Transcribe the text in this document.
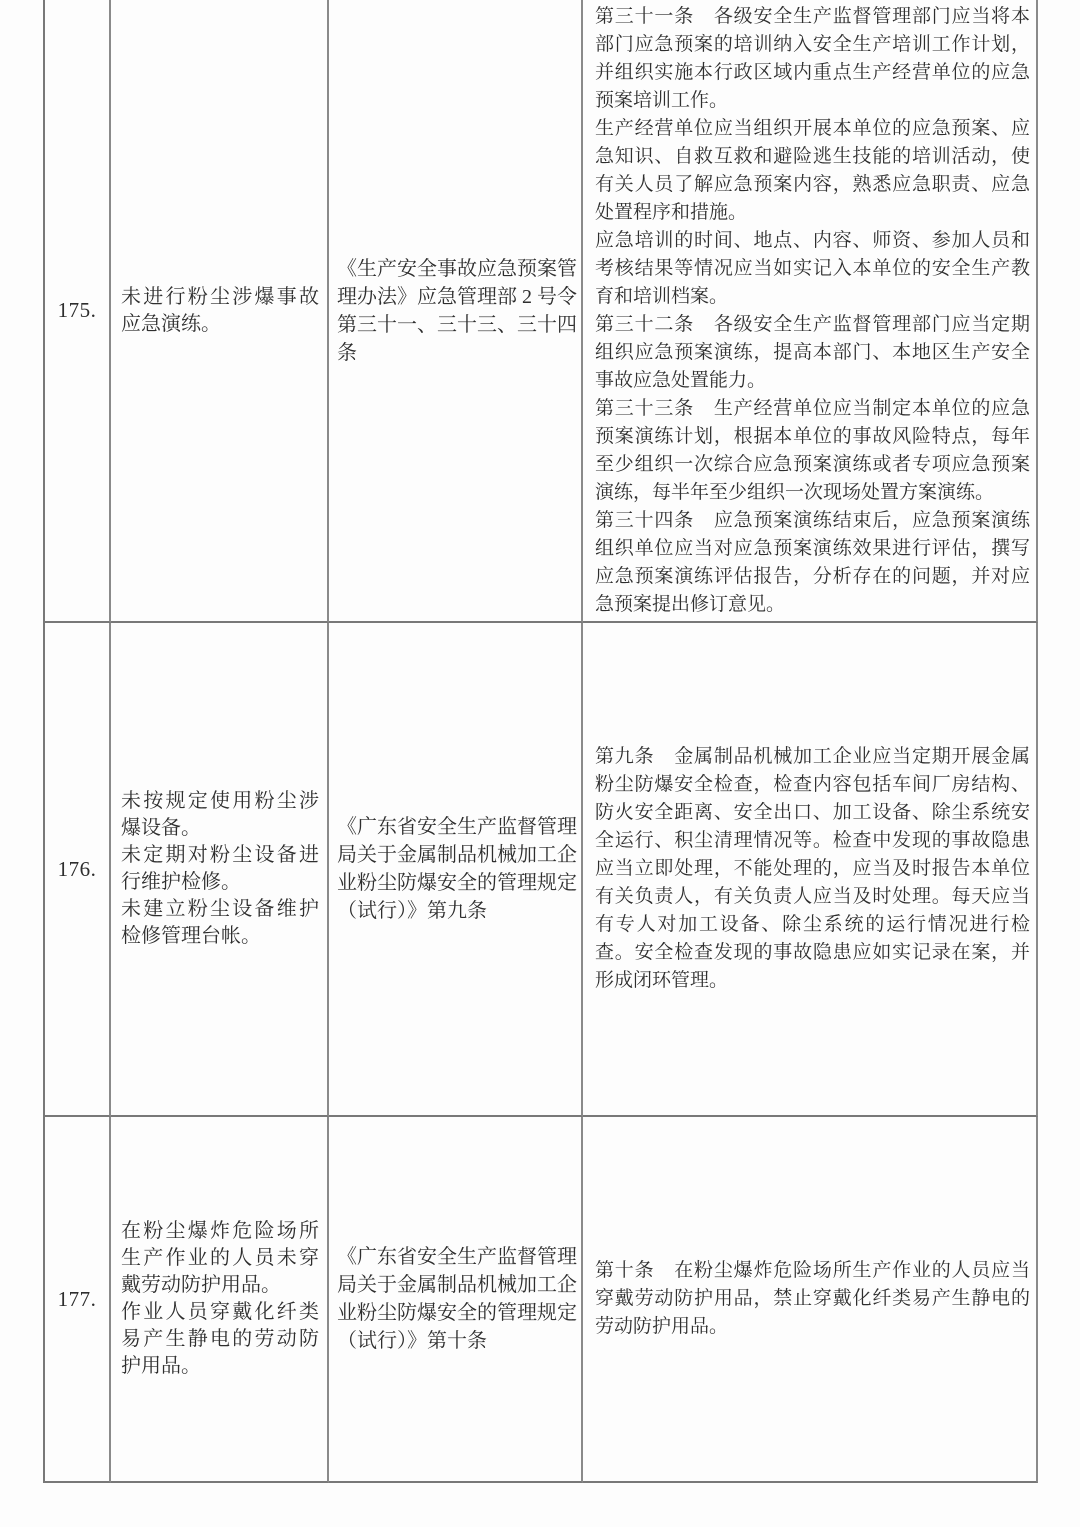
175.

未进行粉尘涉爆事故应急演练。

《生产安全事故应急预案管理办法》应急管理部 2 号令第三十一、三十三、三十四条

第三十一条　各级安全生产监督管理部门应当将本部门应急预案的培训纳入安全生产培训工作计划，并组织实施本行政区域内重点生产经营单位的应急预案培训工作。

生产经营单位应当组织开展本单位的应急预案、应急知识、自救互救和避险逃生技能的培训活动，使有关人员了解应急预案内容，熟悉应急职责、应急处置程序和措施。

应急培训的时间、地点、内容、师资、参加人员和考核结果等情况应当如实记入本单位的安全生产教育和培训档案。

第三十二条　各级安全生产监督管理部门应当定期组织应急预案演练，提高本部门、本地区生产安全事故应急处置能力。

第三十三条　生产经营单位应当制定本单位的应急预案演练计划，根据本单位的事故风险特点，每年至少组织一次综合应急预案演练或者专项应急预案演练，每半年至少组织一次现场处置方案演练。

第三十四条　应急预案演练结束后，应急预案演练组织单位应当对应急预案演练效果进行评估，撰写应急预案演练评估报告，分析存在的问题，并对应急预案提出修订意见。

176.

未按规定使用粉尘涉爆设备。

未定期对粉尘设备进行维护检修。

未建立粉尘设备维护检修管理台帐。

《广东省安全生产监督管理局关于金属制品机械加工企业粉尘防爆安全的管理规定（试行）》第九条

第九条　金属制品机械加工企业应当定期开展金属粉尘防爆安全检查，检查内容包括车间厂房结构、防火安全距离、安全出口、加工设备、除尘系统安全运行、积尘清理情况等。检查中发现的事故隐患应当立即处理，不能处理的，应当及时报告本单位有关负责人，有关负责人应当及时处理。每天应当有专人对加工设备、除尘系统的运行情况进行检查。安全检查发现的事故隐患应如实记录在案，并形成闭环管理。

177.

在粉尘爆炸危险场所生产作业的人员未穿戴劳动防护用品。

作业人员穿戴化纤类易产生静电的劳动防护用品。

《广东省安全生产监督管理局关于金属制品机械加工企业粉尘防爆安全的管理规定（试行）》第十条

第十条　在粉尘爆炸危险场所生产作业的人员应当穿戴劳动防护用品，禁止穿戴化纤类易产生静电的劳动防护用品。
